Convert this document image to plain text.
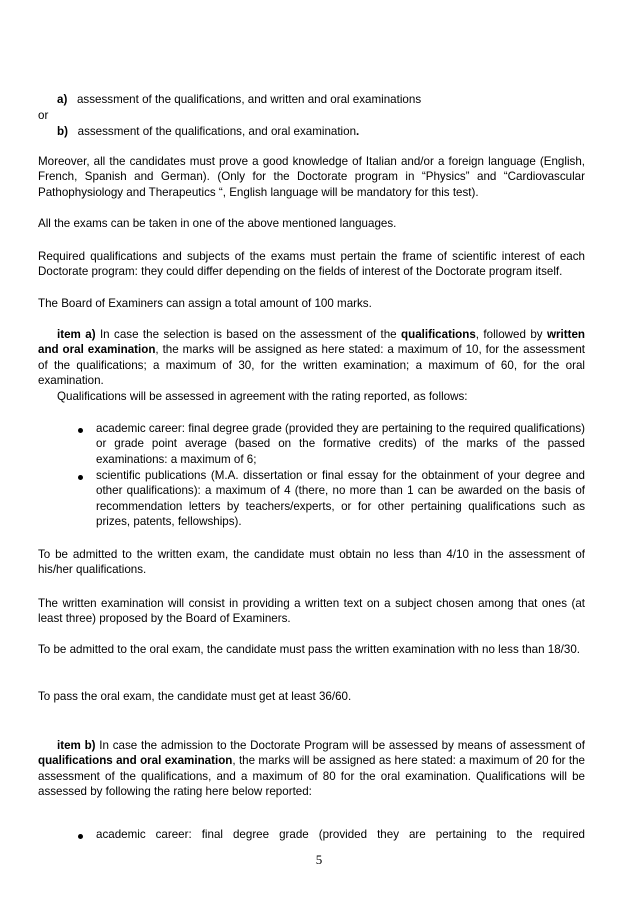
a) assessment of the qualifications, and written and oral examinations
or
b) assessment of the qualifications, and oral examination.

Moreover, all the candidates must prove a good knowledge of Italian and/or a foreign language (English, French, Spanish and German). (Only for the Doctorate program in “Physics” and “Cardiovascular Pathophysiology and Therapeutics “, English language will be mandatory for this test).

All the exams can be taken in one of the above mentioned languages.

Required qualifications and subjects of the exams must pertain the frame of scientific interest of each Doctorate program: they could differ depending on the fields of interest of the Doctorate program itself.

The Board of Examiners can assign a total amount of 100 marks.

item a) In case the selection is based on the assessment of the qualifications, followed by written and oral examination, the marks will be assigned as here stated: a maximum of 10, for the assessment of the qualifications; a maximum of 30, for the written examination; a maximum of 60, for the oral examination.

Qualifications will be assessed in agreement with the rating reported, as follows:

academic career: final degree grade (provided they are pertaining to the required qualifications) or grade point average (based on the formative credits) of the marks of the passed examinations: a maximum of 6;

scientific publications (M.A. dissertation or final essay for the obtainment of your degree and other qualifications): a maximum of 4 (there, no more than 1 can be awarded on the basis of recommendation letters by teachers/experts, or for other pertaining qualifications such as prizes, patents, fellowships).

To be admitted to the written exam, the candidate must obtain no less than 4/10 in the assessment of his/her qualifications.

The written examination will consist in providing a written text on a subject chosen among that ones (at least three) proposed by the Board of Examiners.

To be admitted to the oral exam, the candidate must pass the written examination with no less than 18/30.

To pass the oral exam, the candidate must get at least 36/60.

item b) In case the admission to the Doctorate Program will be assessed by means of assessment of qualifications and oral examination, the marks will be assigned as here stated: a maximum of 20 for the assessment of the qualifications, and a maximum of 80 for the oral examination. Qualifications will be assessed by following the rating here below reported:

academic career: final degree grade (provided they are pertaining to the required

5
